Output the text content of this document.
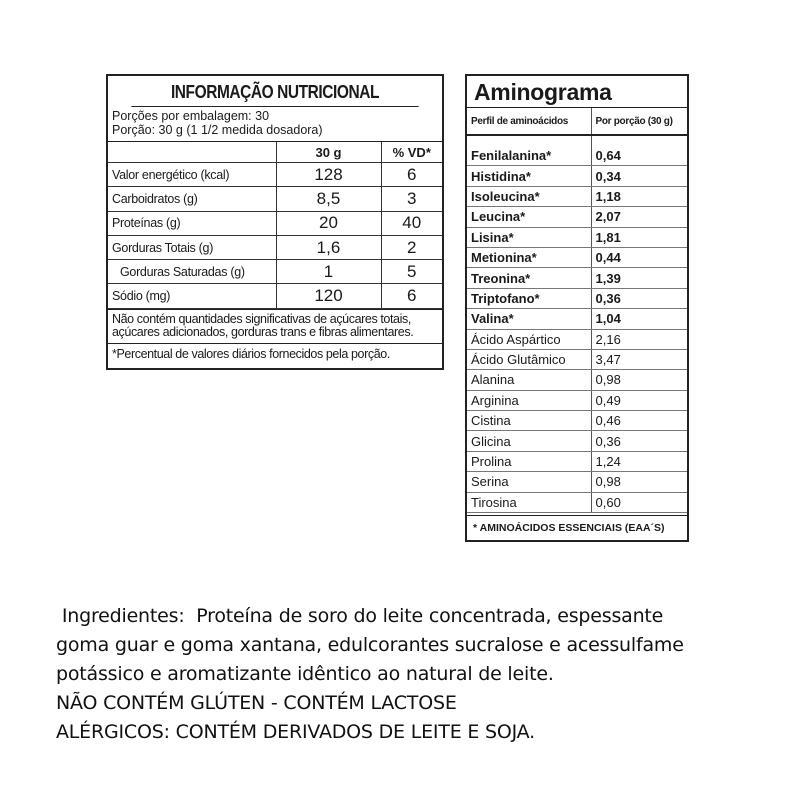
INFORMAÇÃO NUTRICIONAL
Porções por embalagem: 30
Porção: 30 g (1 1/2 medida dosadora)
	30 g	% VD*
Valor energético (kcal)	128	6
Carboidratos (g)	8,5	3
Proteínas (g)	20	40
Gorduras Totais (g)	1,6	2
Gorduras Saturadas (g)	1	5
Sódio (mg)	120	6
Não contém quantidades significativas de açúcares totais,
açúcares adicionados, gorduras trans e fibras alimentares.
*Percentual de valores diários fornecidos pela porção.
Aminograma
Perfil de aminoácidos	Por porção (30 g)

Fenilalanina*	0,64
Histidina*	0,34
Isoleucina*	1,18
Leucina*	2,07
Lisina*	1,81
Metionina*	0,44
Treonina*	1,39
Triptofano*	0,36
Valina*	1,04
Ácido Aspártico	2,16
Ácido Glutâmico	3,47
Alanina	0,98
Arginina	0,49
Cistina	0,46
Glicina	0,36
Prolina	1,24
Serina	0,98
Tirosina	0,60
* AMINOÁCIDOS ESSENCIAIS (EAA´S)
Ingredientes:  Proteína de soro do leite concentrada, espessante
goma guar e goma xantana, edulcorantes sucralose e acessulfame
potássico e aromatizante idêntico ao natural de leite.
NÃO CONTÉM GLÚTEN - CONTÉM LACTOSE
ALÉRGICOS: CONTÉM DERIVADOS DE LEITE E SOJA.
